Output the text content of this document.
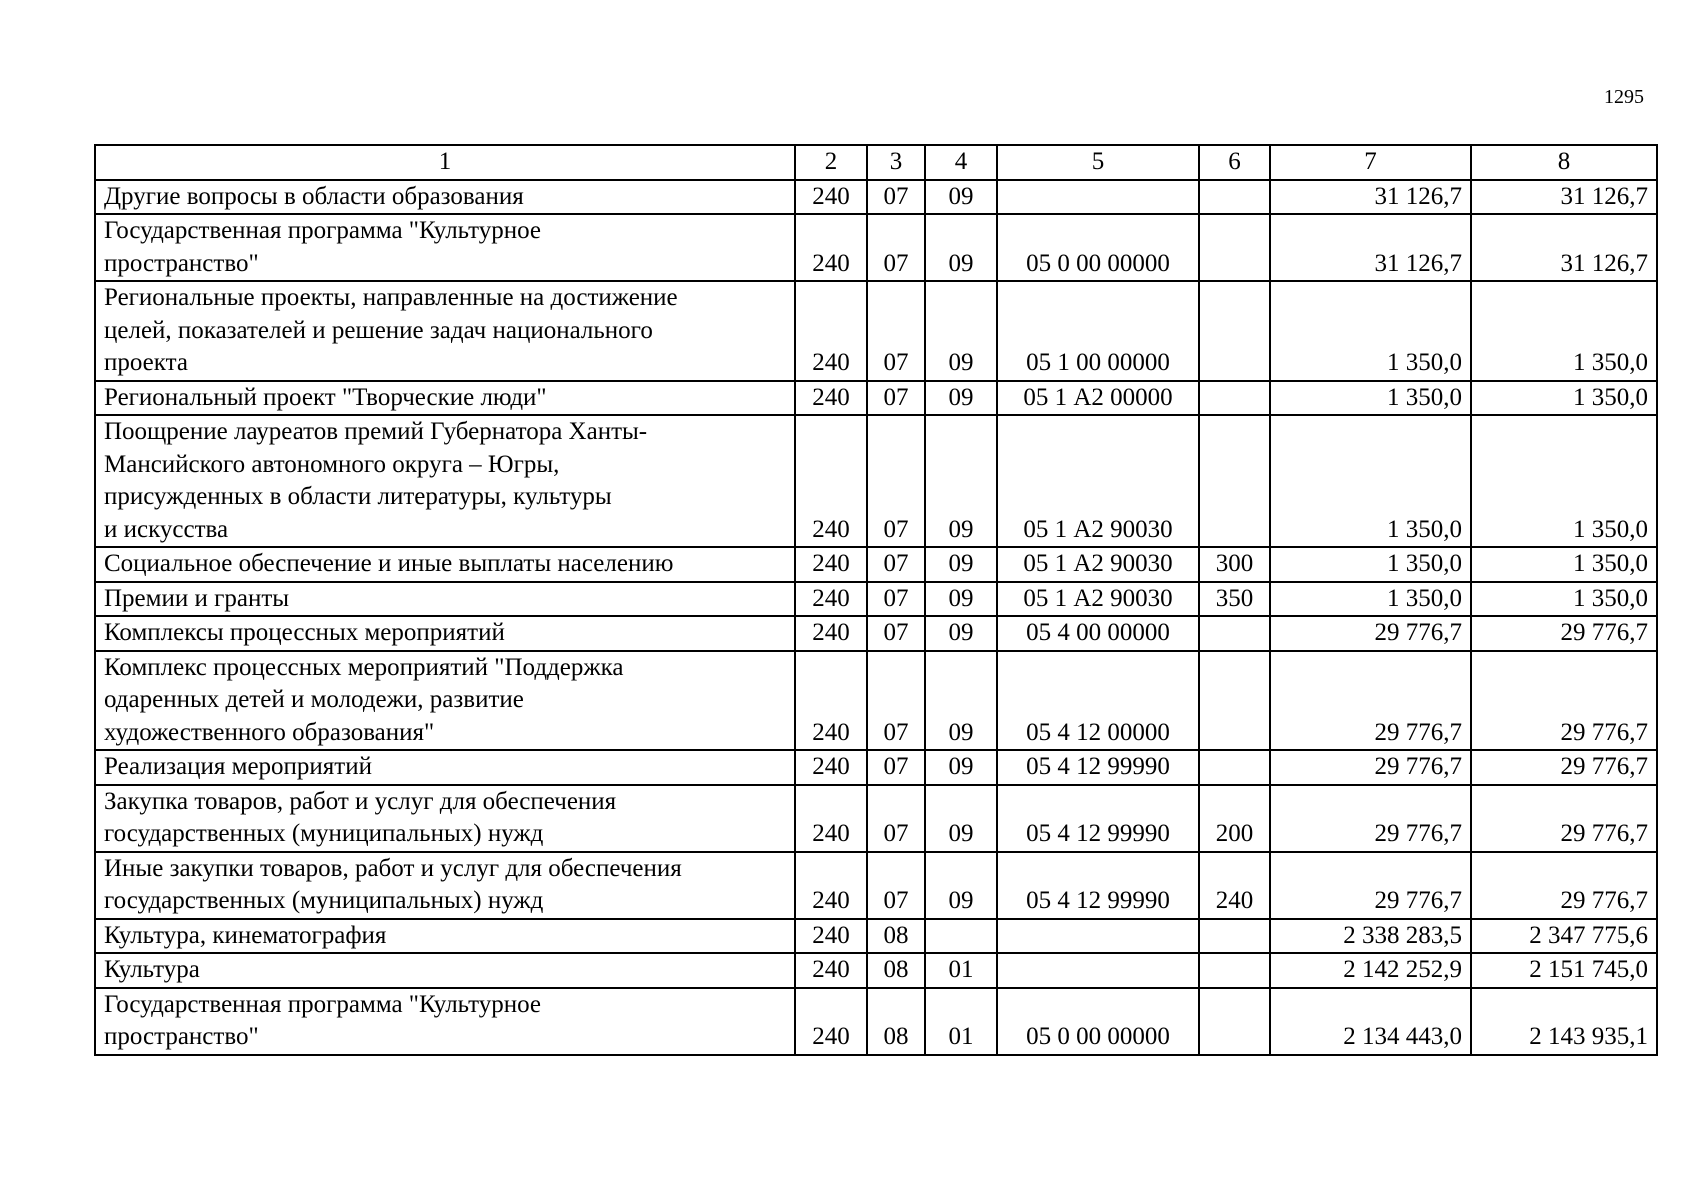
1295
1	2	3	4	5	6	7	8
Другие вопросы в области образования	240	07	09			31 126,7	31 126,7
Государственная программа "Культурное
пространство"	240	07	09	05 0 00 00000		31 126,7	31 126,7
Региональные проекты, направленные на достижение
целей, показателей и решение задач национального
проекта	240	07	09	05 1 00 00000		1 350,0	1 350,0
Региональный проект "Творческие люди"	240	07	09	05 1 А2 00000		1 350,0	1 350,0
Поощрение лауреатов премий Губернатора Ханты-
Мансийского автономного округа – Югры,
присужденных в области литературы, культуры
и искусства	240	07	09	05 1 А2 90030		1 350,0	1 350,0
Социальное обеспечение и иные выплаты населению	240	07	09	05 1 А2 90030	300	1 350,0	1 350,0
Премии и гранты	240	07	09	05 1 А2 90030	350	1 350,0	1 350,0
Комплексы процессных мероприятий	240	07	09	05 4 00 00000		29 776,7	29 776,7
Комплекс процессных мероприятий "Поддержка
одаренных детей и молодежи, развитие
художественного образования"	240	07	09	05 4 12 00000		29 776,7	29 776,7
Реализация мероприятий	240	07	09	05 4 12 99990		29 776,7	29 776,7
Закупка товаров, работ и услуг для обеспечения
государственных (муниципальных) нужд	240	07	09	05 4 12 99990	200	29 776,7	29 776,7
Иные закупки товаров, работ и услуг для обеспечения
государственных (муниципальных) нужд	240	07	09	05 4 12 99990	240	29 776,7	29 776,7
Культура, кинематография	240	08				2 338 283,5	2 347 775,6
Культура	240	08	01			2 142 252,9	2 151 745,0
Государственная программа "Культурное
пространство"	240	08	01	05 0 00 00000		2 134 443,0	2 143 935,1
